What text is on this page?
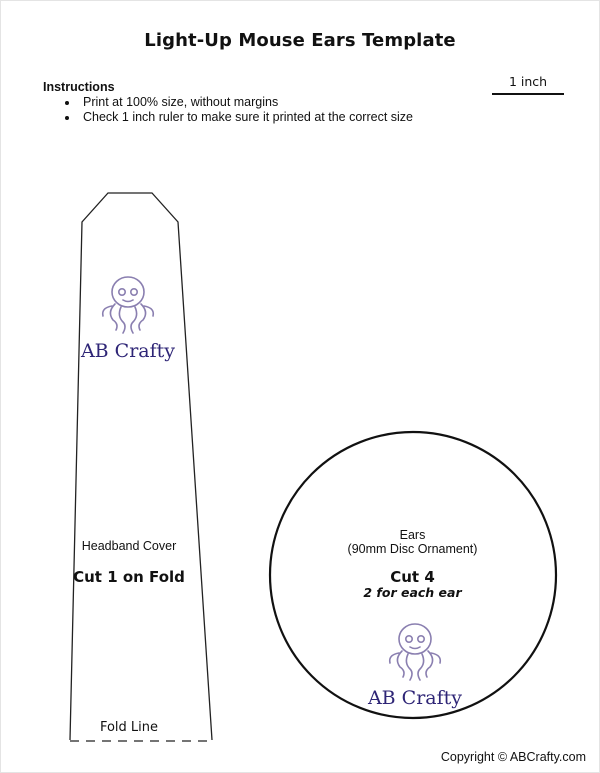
Light-Up Mouse Ears Template
Instructions
• Print at 100% size, without margins
• Check 1 inch ruler to make sure it printed at the correct size
1 inch
AB Crafty
AB Crafty
Headband Cover
Cut 1 on Fold
Fold Line
Ears
(90mm Disc Ornament)
Cut 4
2 for each ear
Copyright © ABCrafty.com
